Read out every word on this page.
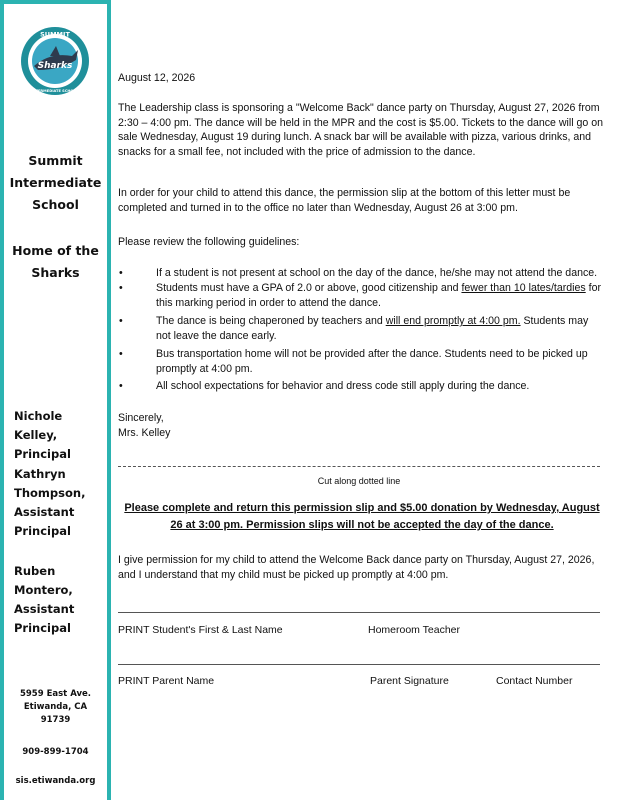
SUMMIT
Sharks
INTERMEDIATE SCHOOL
Summit
Intermediate
School
Home of the
Sharks
Nichole Kelley,
Principal
Kathryn
Thompson,
Assistant
Principal
Ruben
Montero,
Assistant
Principal
5959 East Ave.
Etiwanda, CA
91739
909-899-1704
sis.etiwanda.org

August 12, 2026

The Leadership class is sponsoring a "Welcome Back" dance party on Thursday, August 27, 2026 from 2:30 – 4:00 pm. The dance will be held in the MPR and the cost is $5.00. Tickets to the dance will go on sale Wednesday, August 19 during lunch. A snack bar will be available with pizza, various drinks, and snacks for a small fee, not included with the price of admission to the dance.

In order for your child to attend this dance, the permission slip at the bottom of this letter must be completed and turned in to the office no later than Wednesday, August 26 at 3:00 pm.

Please review the following guidelines:

•	If a student is not present at school on the day of the dance, he/she may not attend the dance.
•	Students must have a GPA of 2.0 or above, good citizenship and fewer than 10 lates/tardies for this marking period in order to attend the dance.
•	The dance is being chaperoned by teachers and will end promptly at 4:00 pm. Students may not leave the dance early.
•	Bus transportation home will not be provided after the dance. Students need to be picked up promptly at 4:00 pm.
•	All school expectations for behavior and dress code still apply during the dance.

Sincerely,

Mrs. Kelley

Cut along dotted line
Please complete and return this permission slip and $5.00 donation by Wednesday, August 26 at 3:00 pm. Permission slips will not be accepted the day of the dance.

I give permission for my child to attend the Welcome Back dance party on Thursday, August 27, 2026, and I understand that my child must be picked up promptly at 4:00 pm.

PRINT Student's First & Last Name	Homeroom Teacher
PRINT Parent Name	Parent Signature	Contact Number
